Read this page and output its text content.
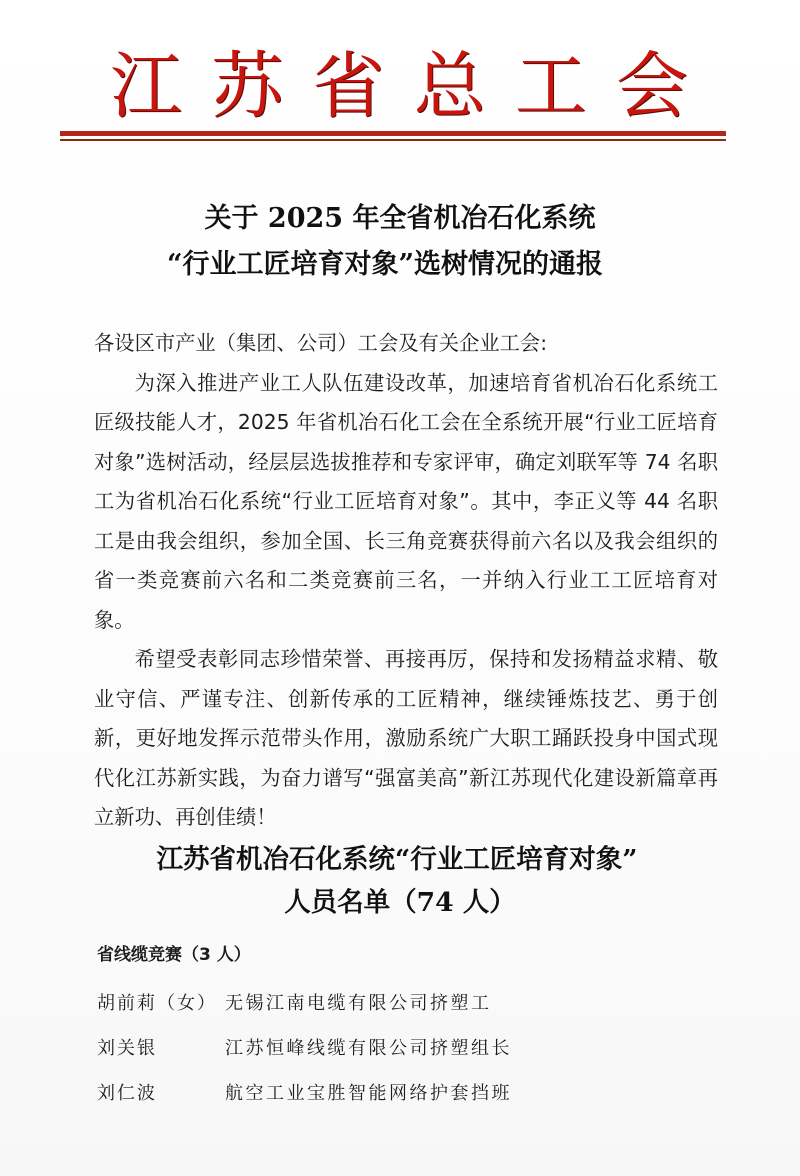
江 苏 省 总 工 会
关于 2025 年全省机冶石化系统
“行业工匠培育对象”选树情况的通报

各设区市产业（集团、公司）工会及有关企业工会:

为深入推进产业工人队伍建设改革，加速培育省机冶石化系统工匠级技能人才，2025 年省机冶石化工会在全系统开展“行业工匠培育对象”选树活动，经层层选拔推荐和专家评审，确定刘联军等 74 名职工为省机冶石化系统“行业工匠培育对象”。其中，李正义等 44 名职工是由我会组织，参加全国、长三角竞赛获得前六名以及我会组织的省一类竞赛前六名和二类竞赛前三名，一并纳入行业工工匠培育对象。

希望受表彰同志珍惜荣誉、再接再厉，保持和发扬精益求精、敬业守信、严谨专注、创新传承的工匠精神，继续锤炼技艺、勇于创新，更好地发挥示范带头作用，激励系统广大职工踊跃投身中国式现代化江苏新实践，为奋力谱写“强富美高”新江苏现代化建设新篇章再立新功、再创佳绩！

江苏省机冶石化系统“行业工匠培育对象”
人员名单（74 人）
省线缆竞赛（3 人）
胡前莉（女） 无锡江南电缆有限公司挤塑工
刘关银	江苏恒峰线缆有限公司挤塑组长
刘仁波	航空工业宝胜智能网络护套挡班
